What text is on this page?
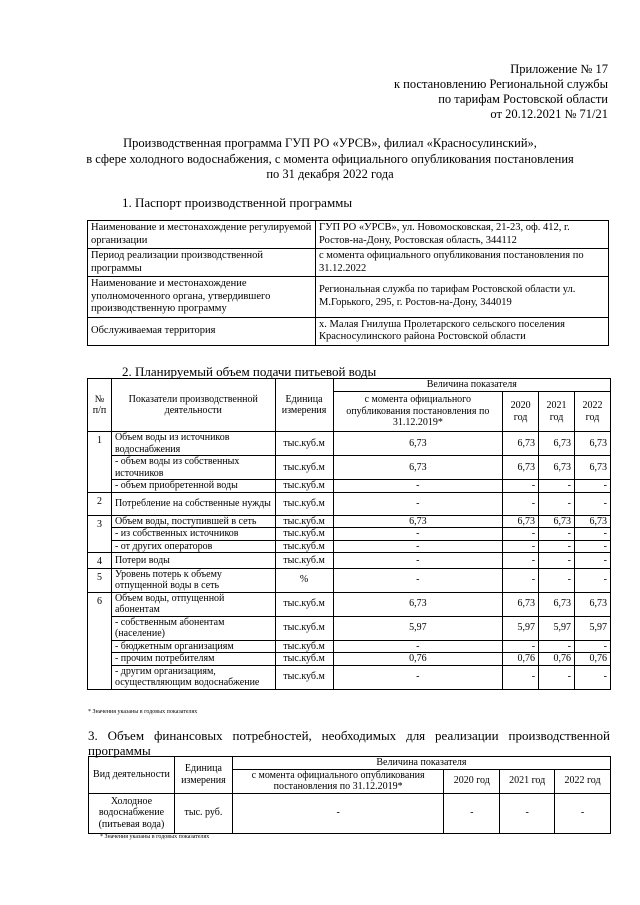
Приложение № 17
к постановлению Региональной службы
по тарифам Ростовской области
от 20.12.2021 № 71/21
Производственная программа ГУП РО «УРСВ», филиал «Красносулинский»,
в сфере холодного водоснабжения, с момента официального опубликования постановления
по 31 декабря 2022 года
1. Паспорт производственной программы
Наименование и местонахождение регулируемой организации	ГУП РО «УРСВ», ул. Новомосковская, 21-23, оф. 412, г. Ростов-на-Дону, Ростовская область, 344112
Период реализации производственной программы	с момента официального опубликования постановления по 31.12.2022
Наименование и местонахождение уполномоченного органа, утвердившего производственную программу	Региональная служба по тарифам Ростовской области ул. М.Горького, 295, г. Ростов-на-Дону, 344019
Обслуживаемая территория	х. Малая Гнилуша Пролетарского сельского поселения Красносулинского района Ростовской области
2. Планируемый объем подачи питьевой воды
№ п/п	Показатели производственной деятельности	Единица измерения	Величина показателя			
			с момента официального опубликования постановления по 31.12.2019*	2020 год	2021 год	2022 год
1	Объем воды из источников водоснабжения	тыс.куб.м	6,73	6,73	6,73	6,73
	- объем воды из собственных источников	тыс.куб.м	6,73	6,73	6,73	6,73
	- объем приобретенной воды	тыс.куб.м	-	-	-	-
2	Потребление на собственные нужды	тыс.куб.м	-	-	-	-
3	Объем воды, поступившей в сеть	тыс.куб.м	6,73	6,73	6,73	6,73
	- из собственных источников	тыс.куб.м	-	-	-	-
	- от других операторов	тыс.куб.м	-	-	-	-
4	Потери воды	тыс.куб.м	-	-	-	-
5	Уровень потерь к объему отпущенной воды в сеть	%	-	-	-	-
6	Объем воды, отпущенной абонентам	тыс.куб.м	6,73	6,73	6,73	6,73
	- собственным абонентам (население)	тыс.куб.м	5,97	5,97	5,97	5,97
	- бюджетным организациям	тыс.куб.м	-	-	-	-
	- прочим потребителям	тыс.куб.м	0,76	0,76	0,76	0,76
	- другим организациям, осуществляющим водоснабжение	тыс.куб.м	-	-	-	-
* Значения указаны в годовых показателях
3. Объем финансовых потребностей, необходимых для реализации производственной программы
Вид деятельности	Единица измерения	Величина показателя			
		с момента официального опубликования постановления по 31.12.2019*	2020 год	2021 год	2022 год
Холодное водоснабжение (питьевая вода)	тыс. руб.	-	-	-	-
* Значения указаны в годовых показателях
